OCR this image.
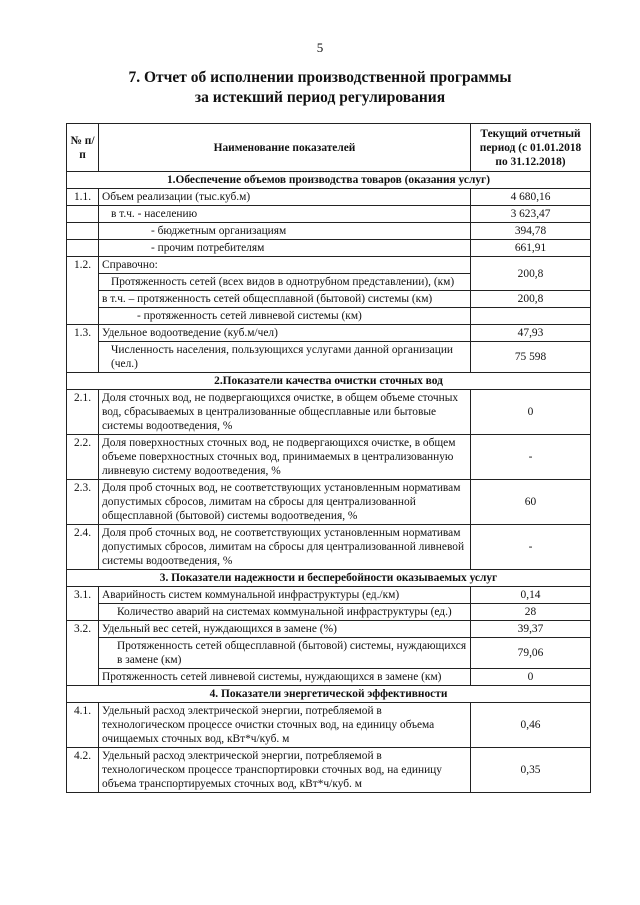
5
7. Отчет об исполнении производственной программы
за истекший период регулирования
№ п/п	Наименование показателей	Текущий отчетный период (с 01.01.2018 по 31.12.2018)
1.Обеспечение объемов производства товаров (оказания услуг)		
1.1.	Объем реализации (тыс.куб.м)	4 680,16
	в т.ч. - населению	3 623,47
	- бюджетным организациям	394,78
	- прочим потребителям	661,91
1.2.	Справочно:	200,8
	Протяженность сетей (всех видов в однотрубном представлении), (км)	
	в т.ч. – протяженность сетей общесплавной (бытовой) системы (км)	200,8
	- протяженность сетей ливневой системы (км)	
1.3.	Удельное водоотведение (куб.м/чел)	47,93
	Численность населения, пользующихся услугами данной организации (чел.)	75 598
2.Показатели качества очистки сточных вод		
2.1.	Доля сточных вод, не подвергающихся очистке, в общем объеме сточных вод, сбрасываемых в централизованные общесплавные или бытовые системы водоотведения, %	0
2.2.	Доля поверхностных сточных вод, не подвергающихся очистке, в общем объеме поверхностных сточных вод, принимаемых в централизованную ливневую систему водоотведения, %	-
2.3.	Доля проб сточных вод, не соответствующих установленным нормативам допустимых сбросов, лимитам на сбросы для централизованной общесплавной (бытовой) системы водоотведения, %	60
2.4.	Доля проб сточных вод, не соответствующих установленным нормативам допустимых сбросов, лимитам на сбросы для централизованной ливневой системы водоотведения, %	-
3. Показатели надежности и бесперебойности оказываемых услуг		
3.1.	Аварийность систем коммунальной инфраструктуры (ед./км)	0,14
	Количество аварий на системах коммунальной инфраструктуры (ед.)	28
3.2.	Удельный вес сетей, нуждающихся в замене (%)	39,37
	Протяженность сетей общесплавной (бытовой) системы, нуждающихся в замене (км)	79,06
	Протяженность сетей ливневой системы, нуждающихся в замене (км)	0
4. Показатели энергетической эффективности		
4.1.	Удельный расход электрической энергии, потребляемой в технологическом процессе очистки сточных вод, на единицу объема очищаемых сточных вод, кВт*ч/куб. м	0,46
4.2.	Удельный расход электрической энергии, потребляемой в технологическом процессе транспортировки сточных вод, на единицу объема транспортируемых сточных вод, кВт*ч/куб. м	0,35
